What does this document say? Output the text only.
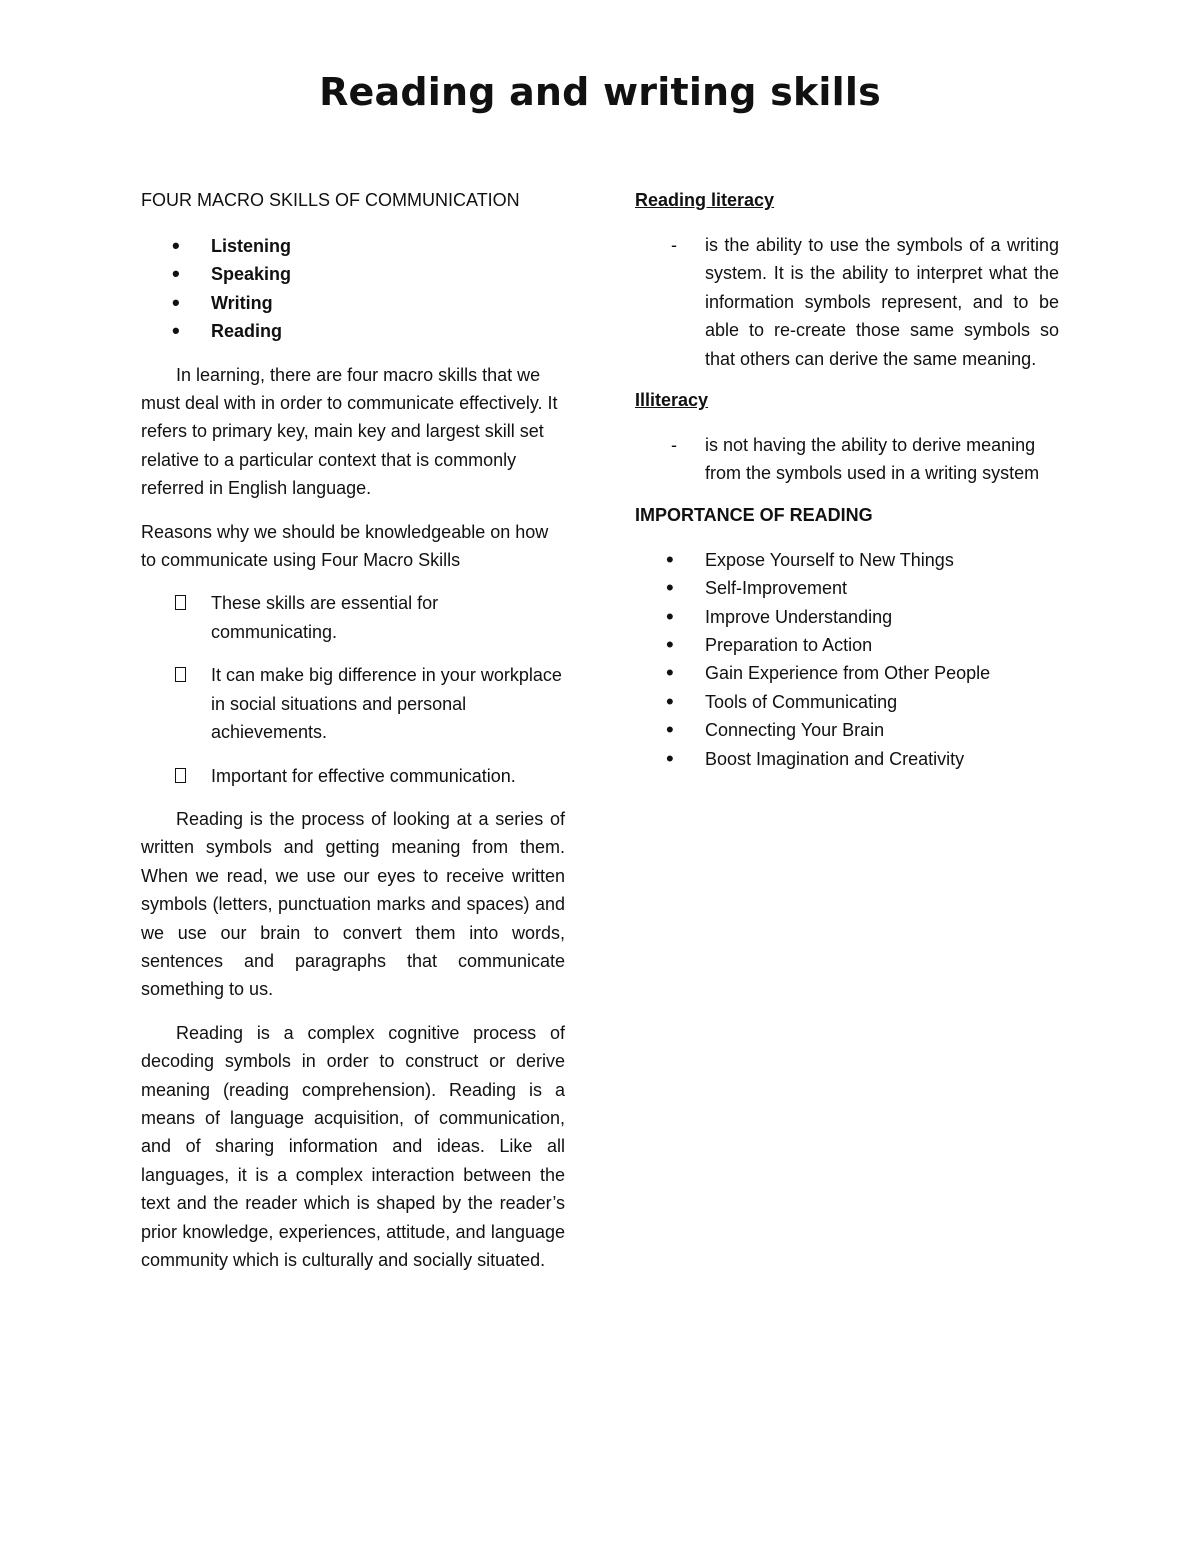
Reading and writing skills

FOUR MACRO SKILLS OF COMMUNICATION

• Listening
• Speaking
• Writing
• Reading

In learning, there are four macro skills that we must deal with in order to communicate effectively. It refers to primary key, main key and largest skill set relative to a particular context that is commonly referred in English language.

Reasons why we should be knowledgeable on how to communicate using Four Macro Skills

These skills are essential for communicating.
It can make big difference in your workplace in social situations and personal achievements.
Important for effective communication.

Reading is the process of looking at a series of written symbols and getting meaning from them. When we read, we use our eyes to receive written symbols (letters, punctuation marks and spaces) and we use our brain to convert them into words, sentences and paragraphs that communicate something to us.

Reading is a complex cognitive process of decoding symbols in order to construct or derive meaning (reading comprehension). Reading is a means of language acquisition, of communication, and of sharing information and ideas. Like all languages, it is a complex interaction between the text and the reader which is shaped by the reader’s prior knowledge, experiences, attitude, and language community which is culturally and socially situated.

Reading literacy

- is the ability to use the symbols of a writing system. It is the ability to interpret what the information symbols represent, and to be able to re-create those same symbols so that others can derive the same meaning.

Illiteracy

- is not having the ability to derive meaning from the symbols used in a writing system

IMPORTANCE OF READING

• Expose Yourself to New Things
• Self-Improvement
• Improve Understanding
• Preparation to Action
• Gain Experience from Other People
• Tools of Communicating
• Connecting Your Brain
• Boost Imagination and Creativity
